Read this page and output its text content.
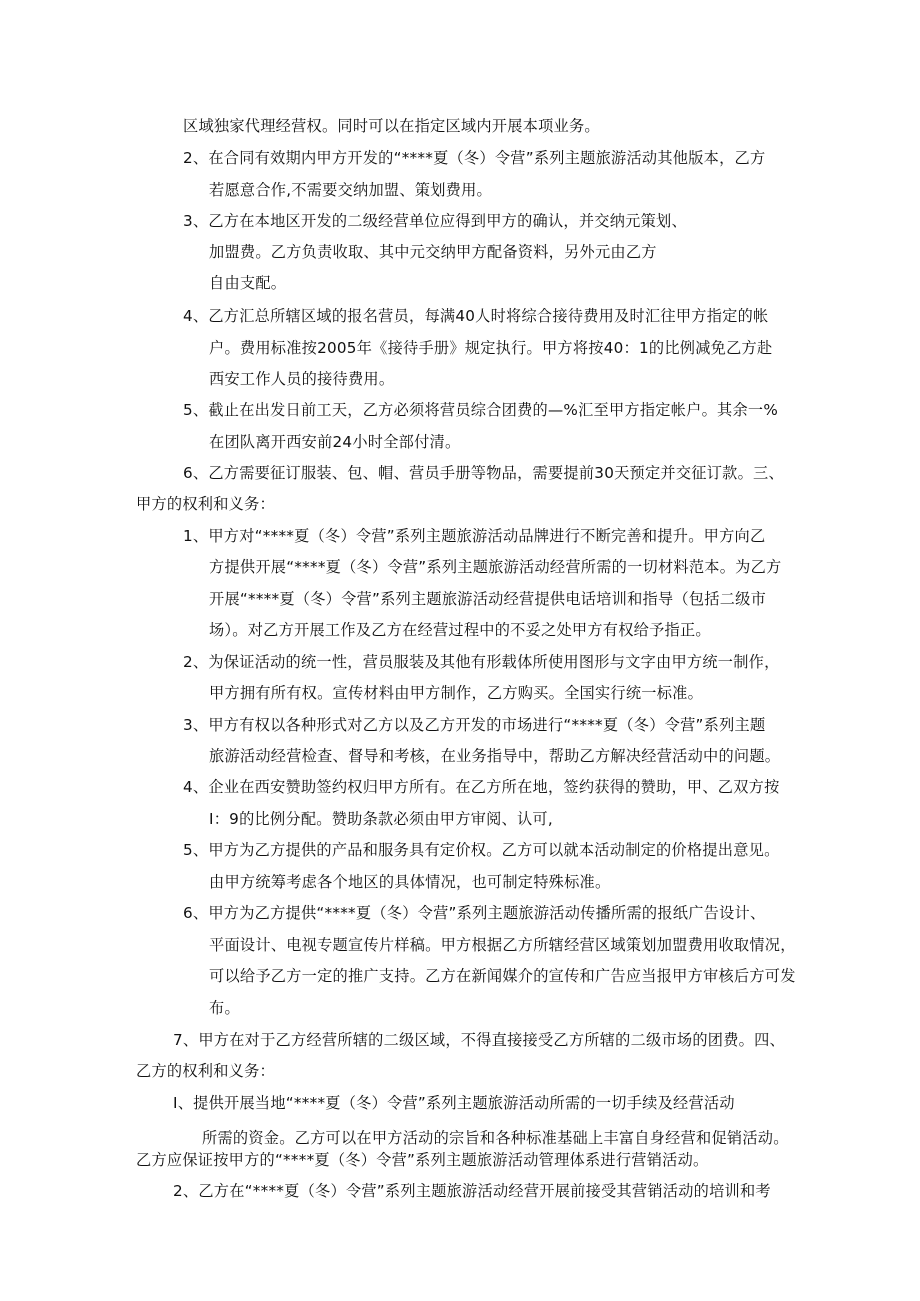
区域独家代理经营权。同时可以在指定区域内开展本项业务。
2、在合同有效期内甲方开发的“****夏（冬）令营”系列主题旅游活动其他版本，乙方
若愿意合作,不需要交纳加盟、策划费用。
3、乙方在本地区开发的二级经营单位应得到甲方的确认，并交纳元策划、
加盟费。乙方负责收取、其中元交纳甲方配备资料，另外元由乙方
自由支配。
4、乙方汇总所辖区域的报名营员，每满40人时将综合接待费用及时汇往甲方指定的帐
户。费用标准按2005年《接待手册》规定执行。甲方将按40：1的比例减免乙方赴
西安工作人员的接待费用。
5、截止在出发日前工天，乙方必须将营员综合团费的—%汇至甲方指定帐户。其余一%
在团队离开西安前24小时全部付清。
6、乙方需要征订服装、包、帽、营员手册等物品，需要提前30天预定并交征订款。三、
甲方的权利和义务：
1、甲方对“****夏（冬）令营”系列主题旅游活动品牌进行不断完善和提升。甲方向乙
方提供开展“****夏（冬）令营”系列主题旅游活动经营所需的一切材料范本。为乙方
开展“****夏（冬）令营”系列主题旅游活动经营提供电话培训和指导（包括二级市
场）。对乙方开展工作及乙方在经营过程中的不妥之处甲方有权给予指正。
2、为保证活动的统一性，营员服装及其他有形载体所使用图形与文字由甲方统一制作，
甲方拥有所有权。宣传材料由甲方制作，乙方购买。全国实行统一标准。
3、甲方有权以各种形式对乙方以及乙方开发的市场进行“****夏（冬）令营”系列主题
旅游活动经营检查、督导和考核，在业务指导中，帮助乙方解决经营活动中的问题。
4、企业在西安赞助签约权归甲方所有。在乙方所在地，签约获得的赞助，甲、乙双方按
I：9的比例分配。赞助条款必须由甲方审阅、认可,
5、甲方为乙方提供的产品和服务具有定价权。乙方可以就本活动制定的价格提出意见。
由甲方统筹考虑各个地区的具体情况，也可制定特殊标准。
6、甲方为乙方提供“****夏（冬）令营”系列主题旅游活动传播所需的报纸广告设计、
平面设计、电视专题宣传片样稿。甲方根据乙方所辖经营区域策划加盟费用收取情况，
可以给予乙方一定的推广支持。乙方在新闻媒介的宣传和广告应当报甲方审核后方可发
布。
7、甲方在对于乙方经营所辖的二级区域，不得直接接受乙方所辖的二级市场的团费。四、
乙方的权利和义务：
I、提供开展当地“****夏（冬）令营”系列主题旅游活动所需的一切手续及经营活动
所需的资金。乙方可以在甲方活动的宗旨和各种标准基础上丰富自身经营和促销活动。
乙方应保证按甲方的“****夏（冬）令营”系列主题旅游活动管理体系进行营销活动。
2、乙方在“****夏（冬）令营”系列主题旅游活动经营开展前接受其营销活动的培训和考
